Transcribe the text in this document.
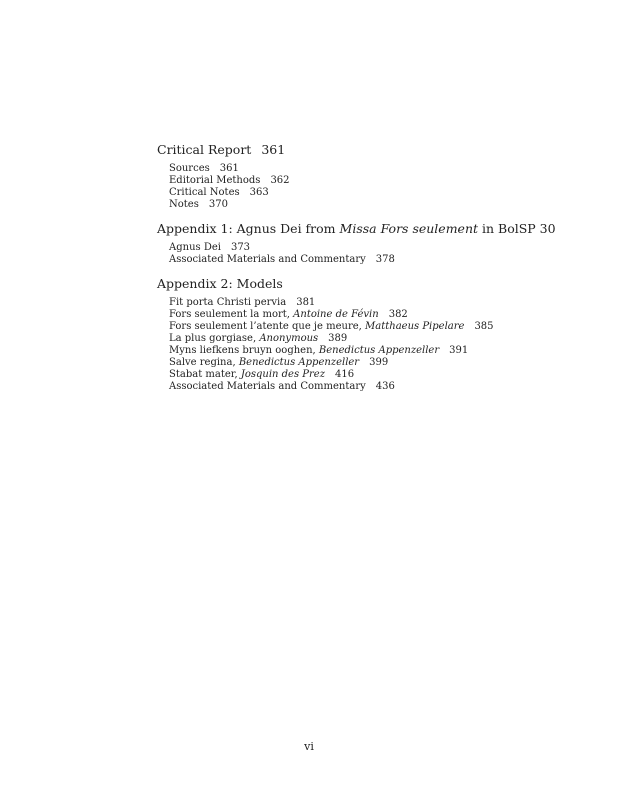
Critical Report 361
Sources 361
Editorial Methods 362
Critical Notes 363
Notes 370
Appendix 1: Agnus Dei from Missa Fors seulement in BolSP 30
Agnus Dei 373
Associated Materials and Commentary 378
Appendix 2: Models
Fit porta Christi pervia 381
Fors seulement la mort, Antoine de Févin 382
Fors seulement l’atente que je meure, Matthaeus Pipelare 385
La plus gorgiase, Anonymous 389
Myns liefkens bruyn ooghen, Benedictus Appenzeller 391
Salve regina, Benedictus Appenzeller 399
Stabat mater, Josquin des Prez 416
Associated Materials and Commentary 436
vi
